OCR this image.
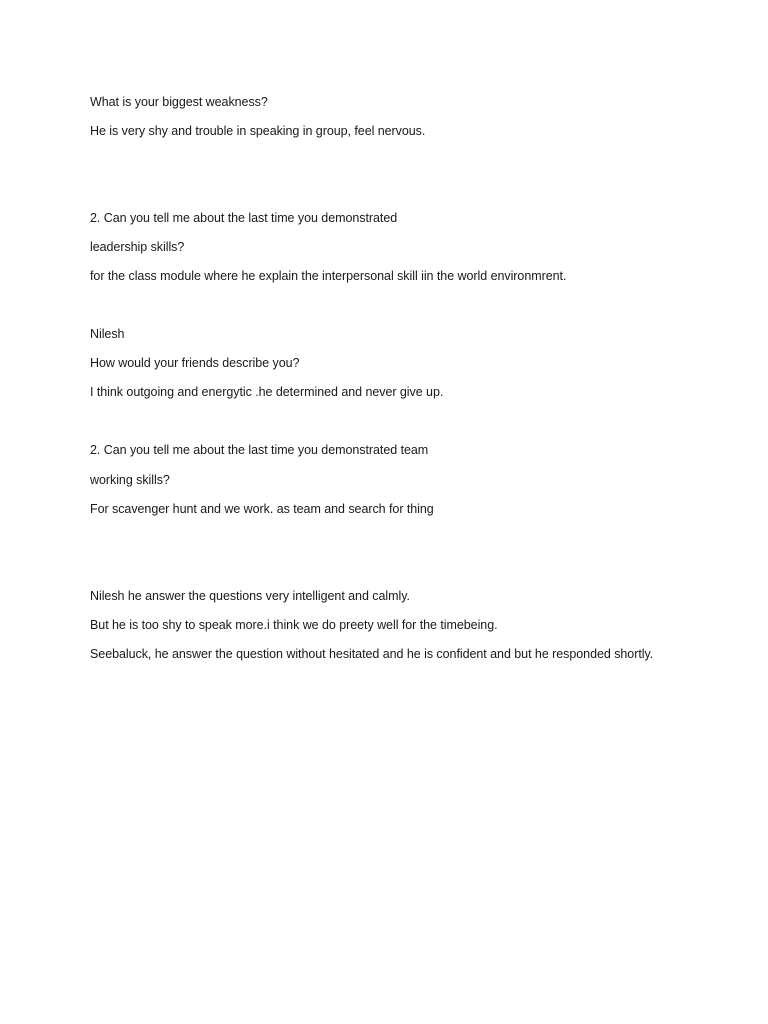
What is your biggest weakness?

He is very shy and trouble in speaking in group, feel nervous.

2. Can you tell me about the last time you demonstrated

leadership skills?

for the class module where he explain the interpersonal skill iin the world environmrent.

Nilesh

How would your friends describe you?

I think outgoing and energytic .he determined and never give up.

2. Can you tell me about the last time you demonstrated team

working skills?

For scavenger hunt and we work. as team and search for thing

Nilesh he answer the questions very intelligent and calmly.

But he is too shy to speak more.i think we do preety well for the timebeing.

Seebaluck, he answer the question without hesitated and he is confident and but he responded shortly.
